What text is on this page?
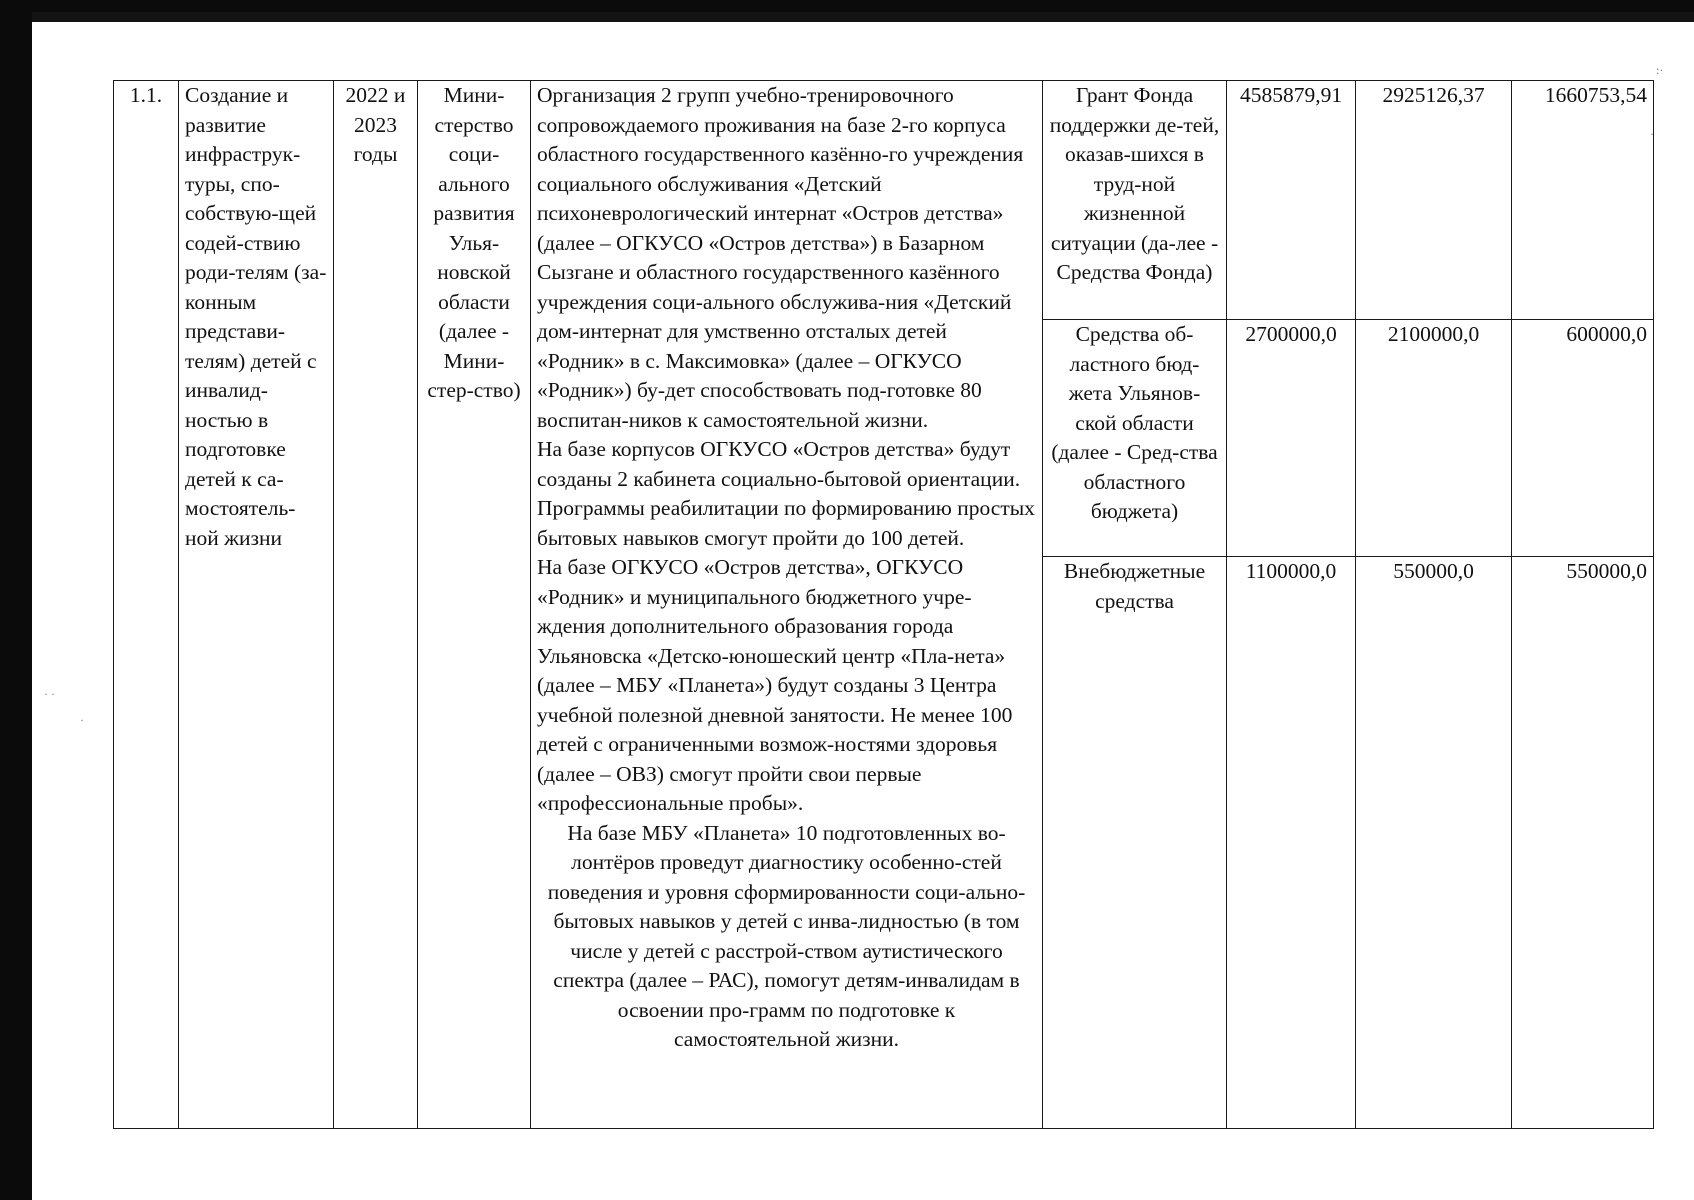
1.1.	Создание и развитие инфраструк-туры, спо-собствую-щей содей-ствию роди-телям (за-конным представи-телям) детей с инвалид-ностью в подготовке детей к са-мостоятель-ной жизни	2022 и 2023 годы	Мини-стерство соци-ального развития Улья-новской области (далее - Мини-стер-ство)	Организация 2 групп учебно-тренировочного сопровождаемого проживания на базе 2-го корпуса областного государственного казённо-го учреждения социального обслуживания «Детский психоневрологический интернат «Остров детства» (далее – ОГКУСО «Остров детства») в Базарном Сызгане и областного государственного казённого учреждения соци-ального обслужива-ния «Детский дом-интернат для умственно отсталых детей «Родник» в с. Максимовка» (далее – ОГКУСО «Родник») бу-дет способствовать под-готовке 80 воспитан-ников к самостоятельной жизни.

На базе корпусов ОГКУСО «Остров детства» будут созданы 2 кабинета социально-бытовой ориентации. Программы реабилитации по формированию простых бытовых навыков смогут пройти до 100 детей.

На базе ОГКУСО «Остров детства», ОГКУСО «Родник» и муниципального бюджетного учре-ждения дополнительного образования города Ульяновска «Детско-юношеский центр «Пла-нета» (далее – МБУ «Планета») будут созданы 3 Центра учебной полезной дневной занятости. Не менее 100 детей с ограниченными возмож-ностями здоровья (далее – ОВЗ) смогут пройти свои первые «профессиональные пробы».

На базе МБУ «Планета» 10 подготовленных во-лонтёров проведут диагностику особенно-стей поведения и уровня сформированности соци-ально-бытовых навыков у детей с инва-лидностью (в том числе у детей с расстрой-ством аутистического спектра (далее – РАС), помогут детям-инвалидам в освоении про-грамм по подготовке к самостоятельной жизни.	Грант Фонда поддержки де-тей, оказав-шихся в труд-ной жизненной ситуации (да-лее - Средства Фонда)	4585879,91	2925126,37	1660753,54
					Средства об-ластного бюд-жета Ульянов-ской области (далее - Сред-ства областного бюджета)	2700000,0	2100000,0	600000,0
					Внебюджетные средства	1100000,0	550000,0	550000,0
:·
·
· ·
·
